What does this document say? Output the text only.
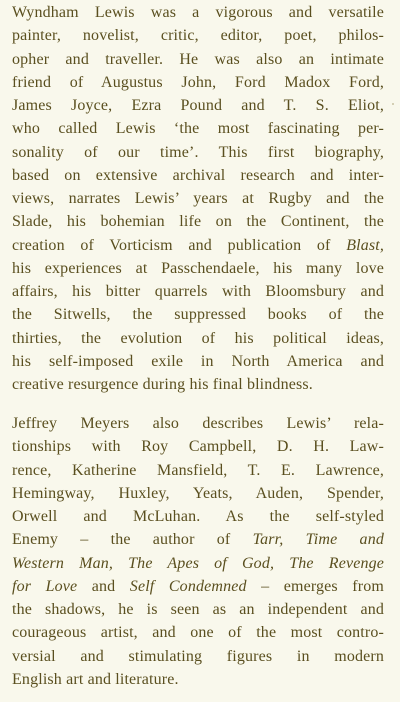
Wyndham Lewis was a vigorous and versatile
painter, novelist, critic, editor, poet, philos-
opher and traveller. He was also an intimate
friend of Augustus John, Ford Madox Ford,
James Joyce, Ezra Pound and T. S. Eliot,
who called Lewis ‘the most fascinating per-
sonality of our time’. This first biography,
based on extensive archival research and inter-
views, narrates Lewis’ years at Rugby and the
Slade, his bohemian life on the Continent, the
creation of Vorticism and publication of Blast,
his experiences at Passchendaele, his many love
affairs, his bitter quarrels with Bloomsbury and
the Sitwells, the suppressed books of the
thirties, the evolution of his political ideas,
his self-imposed exile in North America and
creative resurgence during his final blindness.
Jeffrey Meyers also describes Lewis’ rela-
tionships with Roy Campbell, D. H. Law-
rence, Katherine Mansfield, T. E. Lawrence,
Hemingway, Huxley, Yeats, Auden, Spender,
Orwell and McLuhan. As the self-styled
Enemy – the author of Tarr, Time and
Western Man, The Apes of God, The Revenge
for Love and Self Condemned – emerges from
the shadows, he is seen as an independent and
courageous artist, and one of the most contro-
versial and stimulating figures in modern
English art and literature.
